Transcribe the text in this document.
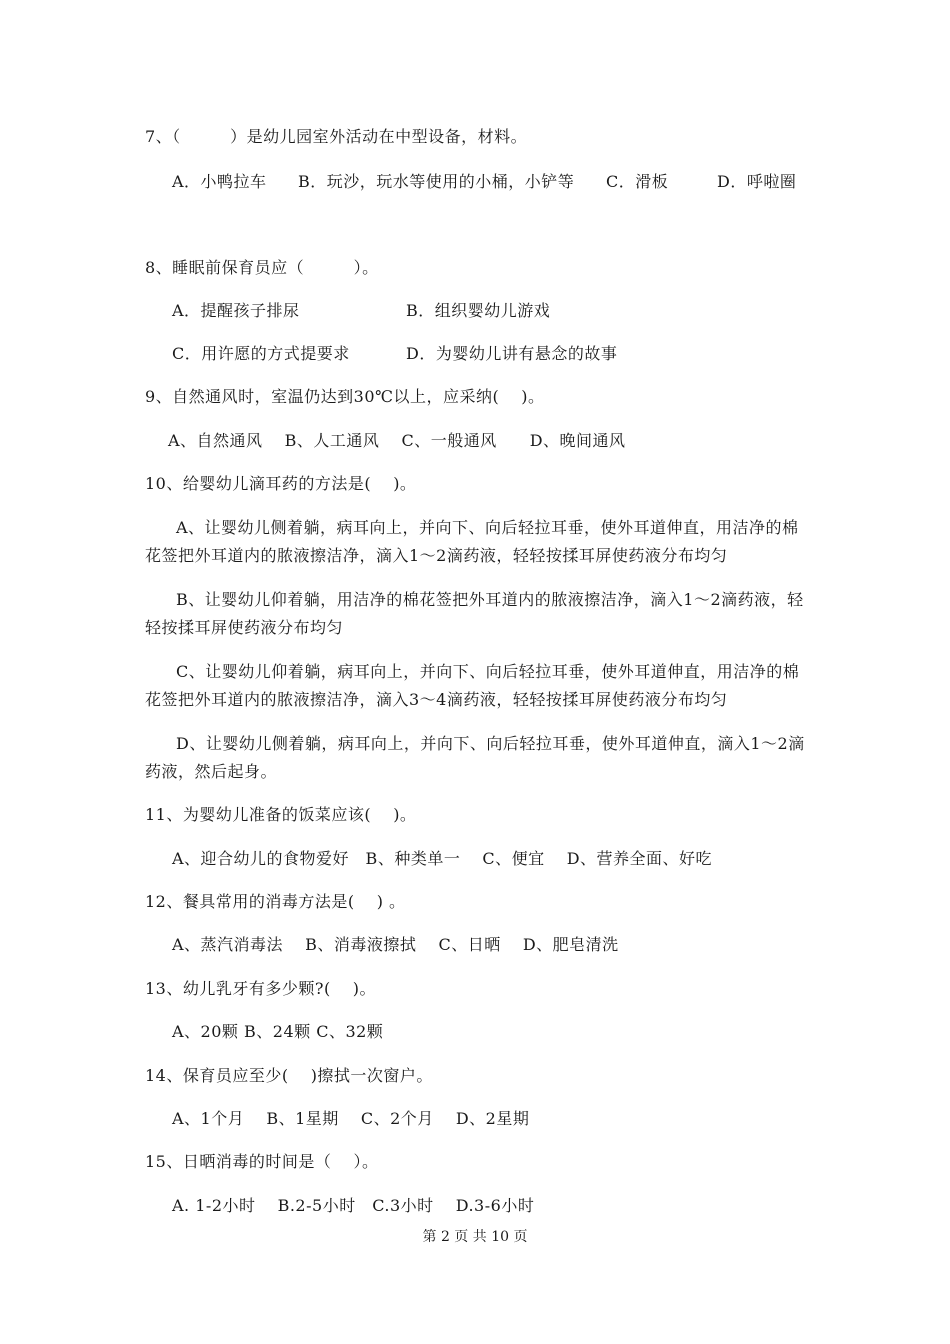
7、（　　　）是幼儿园室外活动在中型设备，材料。
A．小鸭拉车 B．玩沙，玩水等使用的小桶，小铲等 C．滑板	D．呼啦圈
8、睡眠前保育员应（　　　）。
A．提醒孩子排尿	B．组织婴幼儿游戏
C．用许愿的方式提要求	D．为婴幼儿讲有悬念的故事
9、自然通风时，室温仍达到30℃以上，应采纳(　 )。
A、自然通风　 B、人工通风　 C、一般通风　　D、晚间通风
10、给婴幼儿滴耳药的方法是(　 )。
A、让婴幼儿侧着躺，病耳向上，并向下、向后轻拉耳垂，使外耳道伸直，用洁净的棉
花签把外耳道内的脓液擦洁净，滴入1～2滴药液，轻轻按揉耳屏使药液分布均匀
B、让婴幼儿仰着躺，用洁净的棉花签把外耳道内的脓液擦洁净，滴入1～2滴药液，轻
轻按揉耳屏使药液分布均匀
C、让婴幼儿仰着躺，病耳向上，并向下、向后轻拉耳垂，使外耳道伸直，用洁净的棉
花签把外耳道内的脓液擦洁净，滴入3～4滴药液，轻轻按揉耳屏使药液分布均匀
D、让婴幼儿侧着躺，病耳向上，并向下、向后轻拉耳垂，使外耳道伸直，滴入1～2滴
药液，然后起身。
11、为婴幼儿准备的饭菜应该(　 )。
A、迎合幼儿的食物爱好　B、种类单一　 C、便宜　 D、营养全面、好吃
12、餐具常用的消毒方法是(　 ) 。
A、蒸汽消毒法　 B、消毒液擦拭　 C、日晒　 D、肥皂清洗
13、幼儿乳牙有多少颗?(　 )。
A、20颗 B、24颗 C、32颗
14、保育员应至少(　 )擦拭一次窗户。
A、1个月　 B、1星期　 C、2个月　 D、2星期
15、日晒消毒的时间是（　 ）。
A. 1-2小时　 B.2-5小时　C.3小时　 D.3-6小时
第 2 页 共 10 页
